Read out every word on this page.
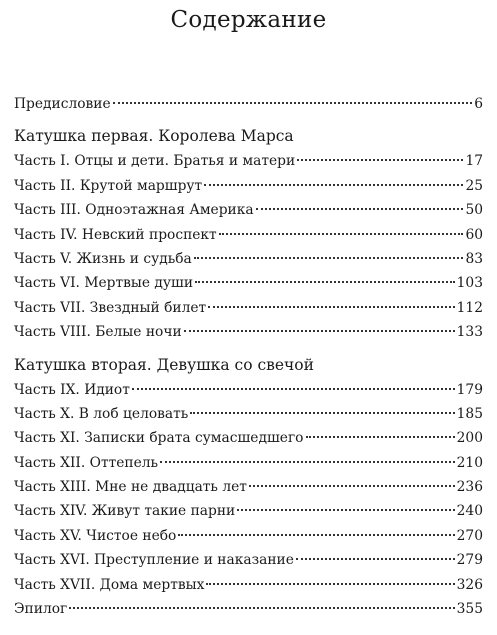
Содержание
Предисловие	6
Катушка первая. Королева Марса
Часть I. Отцы и дети. Братья и матери	17
Часть II. Крутой маршрут	25
Часть III. Одноэтажная Америка	50
Часть IV. Невский проспект	60
Часть V. Жизнь и судьба	83
Часть VI. Мертвые души	103
Часть VII. Звездный билет	112
Часть VIII. Белые ночи	133
Катушка вторая. Девушка со свечой
Часть IX. Идиот	179
Часть X. В лоб целовать	185
Часть XI. Записки брата сумасшедшего	200
Часть XII. Оттепель	210
Часть XIII. Мне не двадцать лет	236
Часть XIV. Живут такие парни	240
Часть XV. Чистое небо	270
Часть XVI. Преступление и наказание	279
Часть XVII. Дома мертвых	326
Эпилог	355
